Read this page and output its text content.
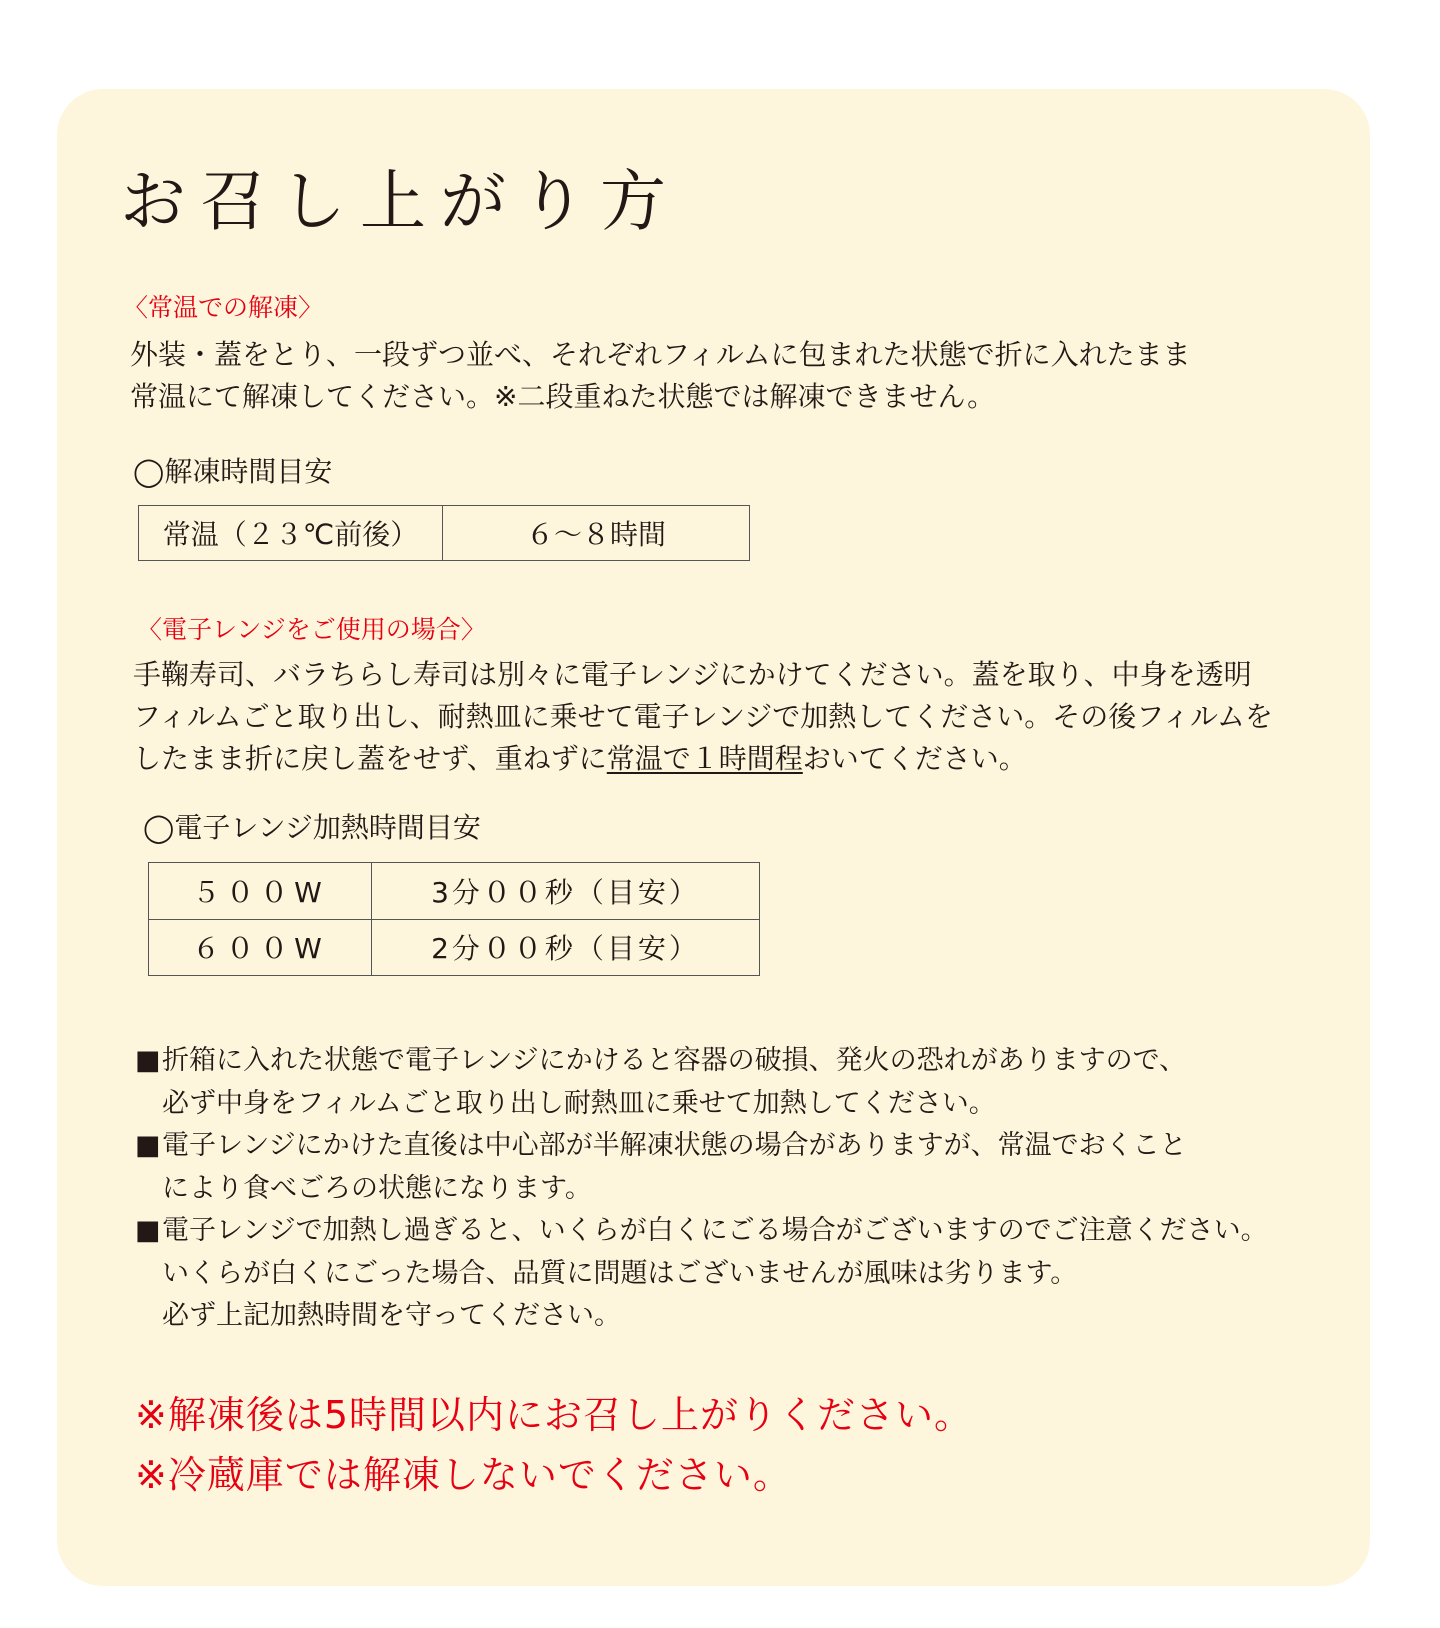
お召し上がり方
〈常温での解凍〉
外装・蓋をとり、一段ずつ並べ、それぞれフィルムに包まれた状態で折に入れたまま
常温にて解凍してください。※二段重ねた状態では解凍できません。
◯解凍時間目安
常温（２３℃前後）	６～８時間
〈電子レンジをご使用の場合〉
手鞠寿司、バラちらし寿司は別々に電子レンジにかけてください。蓋を取り、中身を透明
フィルムごと取り出し、耐熱皿に乗せて電子レンジで加熱してください。その後フィルムを
したまま折に戻し蓋をせず、重ねずに常温で１時間程おいてください。
◯電子レンジ加熱時間目安
５００W	3分００秒（目安）
６００W	2分００秒（目安）
■ 折箱に入れた状態で電子レンジにかけると容器の破損、発火の恐れがありますので、
必ず中身をフィルムごと取り出し耐熱皿に乗せて加熱してください。
■ 電子レンジにかけた直後は中心部が半解凍状態の場合がありますが、常温でおくこと
により食べごろの状態になります。
■ 電子レンジで加熱し過ぎると、いくらが白くにごる場合がございますのでご注意ください。
いくらが白くにごった場合、品質に問題はございませんが風味は劣ります。
必ず上記加熱時間を守ってください。
※解凍後は5時間以内にお召し上がりください。
※冷蔵庫では解凍しないでください。
